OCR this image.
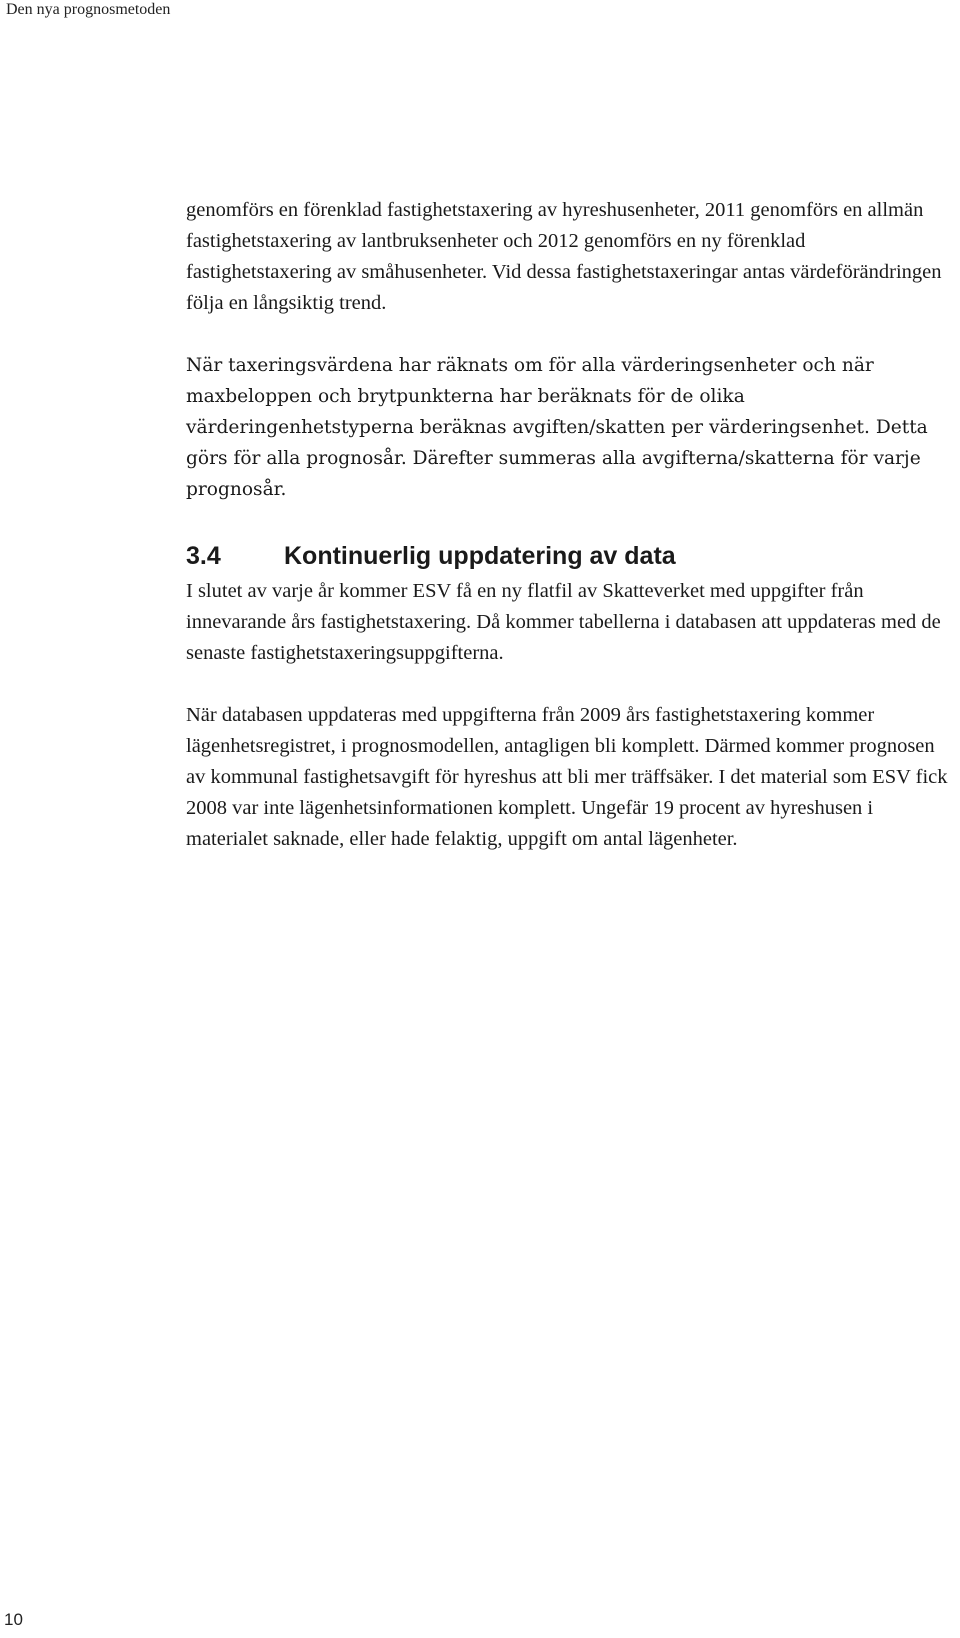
Den nya prognosmetoden

genomförs en förenklad fastighetstaxering av hyreshusenheter, 2011 genomförs en allmän fastighetstaxering av lantbruksenheter och 2012 genomförs en ny förenklad fastighetstaxering av småhusenheter. Vid dessa fastighetstaxeringar antas värdeförändringen följa en långsiktig trend.

När taxeringsvärdena har räknats om för alla värderingsenheter och när maxbeloppen och brytpunkterna har beräknats för de olika värderingenhetstyperna beräknas avgiften/skatten per värderingsenhet. Detta görs för alla prognosår. Därefter summeras alla avgifterna/skatterna för varje prognosår.

3.4	Kontinuerlig uppdatering av data

I slutet av varje år kommer ESV få en ny flatfil av Skatteverket med uppgifter från innevarande års fastighetstaxering. Då kommer tabellerna i databasen att uppdateras med de senaste fastighetstaxeringsuppgifterna.

När databasen uppdateras med uppgifterna från 2009 års fastighetstaxering kommer lägenhetsregistret, i prognosmodellen, antagligen bli komplett. Därmed kommer prognosen av kommunal fastighetsavgift för hyreshus att bli mer träffsäker. I det material som ESV fick 2008 var inte lägenhetsinformationen komplett. Ungefär 19 procent av hyreshusen i materialet saknade, eller hade felaktig, uppgift om antal lägenheter.

10
